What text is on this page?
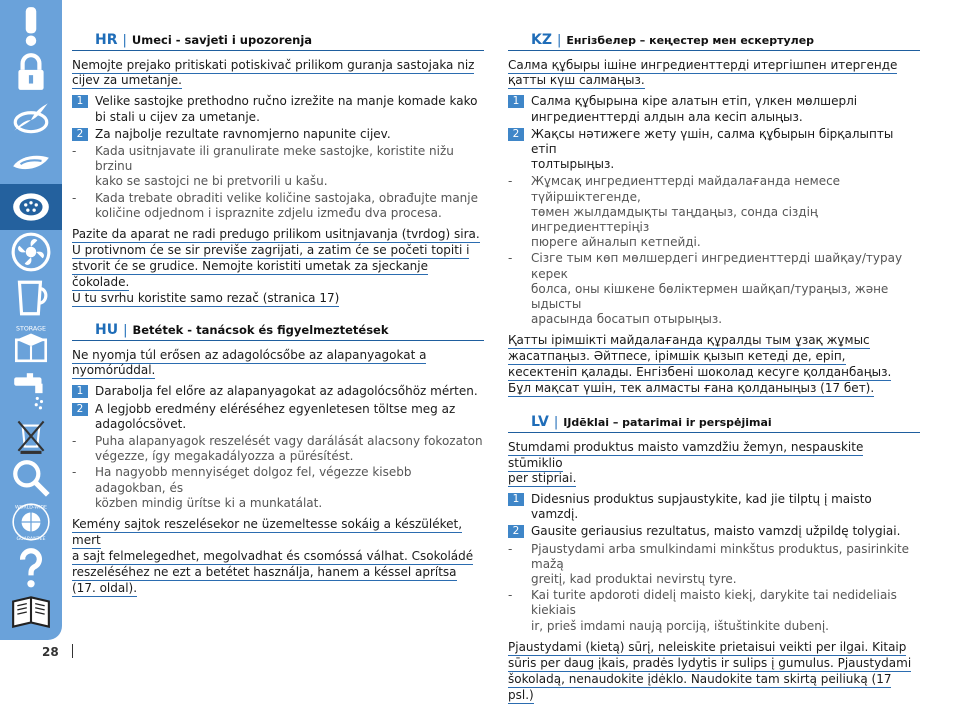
STORAGE
WORLD-WIDE
GUARANTEE
HR | Umeci - savjeti i upozorenja
Nemojte prejako pritiskati potiskivač prilikom guranja sastojaka niz
cijev za umetanje.
1 Velike sastojke prethodno ručno izrežite na manje komade kako
bi stali u cijev za umetanje.
2 Za najbolje rezultate ravnomjerno napunite cijev.
-	Kada usitnjavate ili granulirate meke sastojke, koristite nižu brzinu
kako se sastojci ne bi pretvorili u kašu.
-	Kada trebate obraditi velike količine sastojaka, obrađujte manje
količine odjednom i ispraznite zdjelu između dva procesa.
Pazite da aparat ne radi predugo prilikom usitnjavanja (tvrdog) sira.
U protivnom će se sir previše zagrijati, a zatim će se početi topiti i
stvorit će se grudice. Nemojte koristiti umetak za sjeckanje čokolade.
U tu svrhu koristite samo rezač (stranica 17)
HU | Betétek - tanácsok és figyelmeztetések
Ne nyomja túl erősen az adagolócsőbe az alapanyagokat a
nyomórúddal.
1 Darabolja fel előre az alapanyagokat az adagolócsőhöz mérten.
2 A legjobb eredmény eléréséhez egyenletesen töltse meg az
adagolócsövet.
-	Puha alapanyagok reszelését vagy darálását alacsony fokozaton
végezze, így megakadályozza a pürésítést.
-	Ha nagyobb mennyiséget dolgoz fel, végezze kisebb adagokban, és
közben mindig ürítse ki a munkatálat.
Kemény sajtok reszelésekor ne üzemeltesse sokáig a készüléket, mert
a sajt felmelegedhet, megolvadhat és csomóssá válhat. Csokoládé
reszeléséhez ne ezt a betétet használja, hanem a késsel aprítsa
(17. oldal).
KZ | Енгізбелер – кеңестер мен ескертулер
Салма құбыры ішіне ингредиенттерді итергішпен итергенде
қатты күш салмаңыз.
1 Салма құбырына кіре алатын етіп, үлкен мөлшерлі
ингредиенттерді алдын ала кесіп алыңыз.
2 Жақсы нәтижеге жету үшін, салма құбырын бірқалыпты етіп
толтырыңыз.
-	Жұмсақ ингредиенттерді майдалағанда немесе түйіршіктегенде,
төмен жылдамдықты таңдаңыз, сонда сіздің ингредиенттеріңіз
пюреге айналып кетпейді.
-	Сізге тым көп мөлшердегі ингредиенттерді шайқау/турау керек
болса, оны кішкене бөліктермен шайқап/тураңыз, және ыдысты
арасында босатып отырыңыз.
Қатты ірімшікті майдалағанда құралды тым ұзақ жұмыс
жасатпаңыз. Әйтпесе, ірімшік қызып кетеді де, еріп,
кесектеніп қалады. Енгізбені шоколад кесуге қолданбаңыз.
Бұл мақсат үшін, тек алмасты ғана қолданыңыз (17 бет).
LV | Ĳdēklai – patarimai ir perspėjimai
Stumdami produktus maisto vamzdžiu žemyn, nespauskite stūmiklio
per stipriai.
1 Didesnius produktus supjaustykite, kad jie tilptų į maisto vamzdį.
2 Gausite geriausius rezultatus, maisto vamzdį užpildę tolygiai.
-	Pjaustydami arba smulkindami minkštus produktus, pasirinkite mažą
greitį, kad produktai nevirstų tyre.
-	Kai turite apdoroti didelį maisto kiekį, darykite tai nedideliais kiekiais
ir, prieš imdami naują porciją, ištuštinkite dubenį.
Pjaustydami (kietą) sūrį, neleiskite prietaisui veikti per ilgai. Kitaip
sūris per daug įkais, pradės lydytis ir sulips į gumulus. Pjaustydami
šokoladą, nenaudokite įdėklo. Naudokite tam skirtą peiliuką (17 psl.)
28
